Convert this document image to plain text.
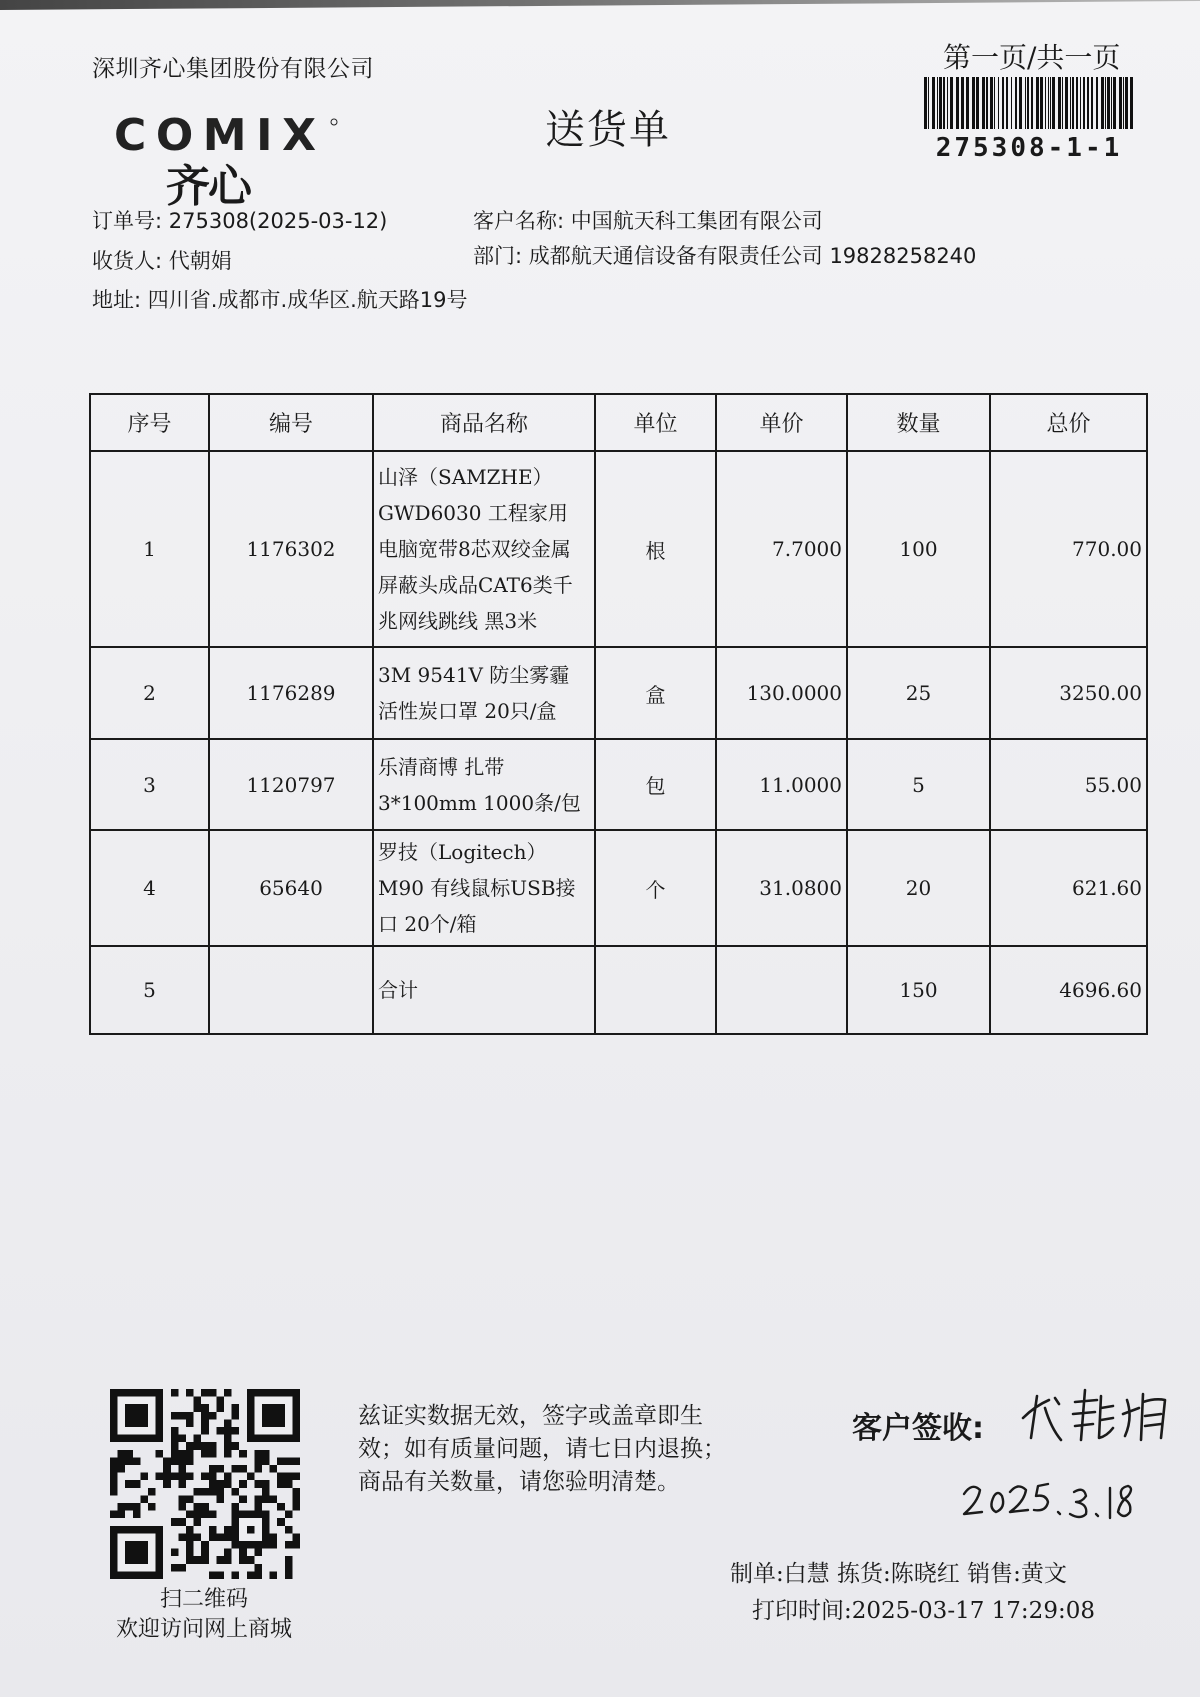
深圳齐心集团股份有限公司	第一页/共一页
275308-1-1
COMIX
齐心
送货单
订单号: 275308(2025-03-12)
收货人: 代朝娟
地址: 四川省.成都市.成华区.航天路19号
客户名称: 中国航天科工集团有限公司
部门: 成都航天通信设备有限责任公司 19828258240
序号	编号	商品名称	单位	单价	数量	总价
1	1176302	山泽（SAMZHE）
GWD6030 工程家用
电脑宽带8芯双绞金属
屏蔽头成品CAT6类千
兆网线跳线 黑3米	根	7.7000	100	770.00
2	1176289	3M 9541V 防尘雾霾
活性炭口罩 20只/盒	盒	130.0000	25	3250.00
3	1120797	乐清商博 扎带
3*100mm 1000条/包	包	11.0000	5	55.00
4	65640	罗技（Logitech）
M90 有线鼠标USB接
口 20个/箱	个	31.0800	20	621.60
5		合计			150	4696.60
扫二维码
欢迎访问网上商城
兹证实数据无效，签字或盖章即生
效；如有质量问题，请七日内退换；
商品有关数量，请您验明清楚。
客户签收:
制单:白慧 拣货:陈晓红 销售:黄文
打印时间:2025-03-17 17:29:08
